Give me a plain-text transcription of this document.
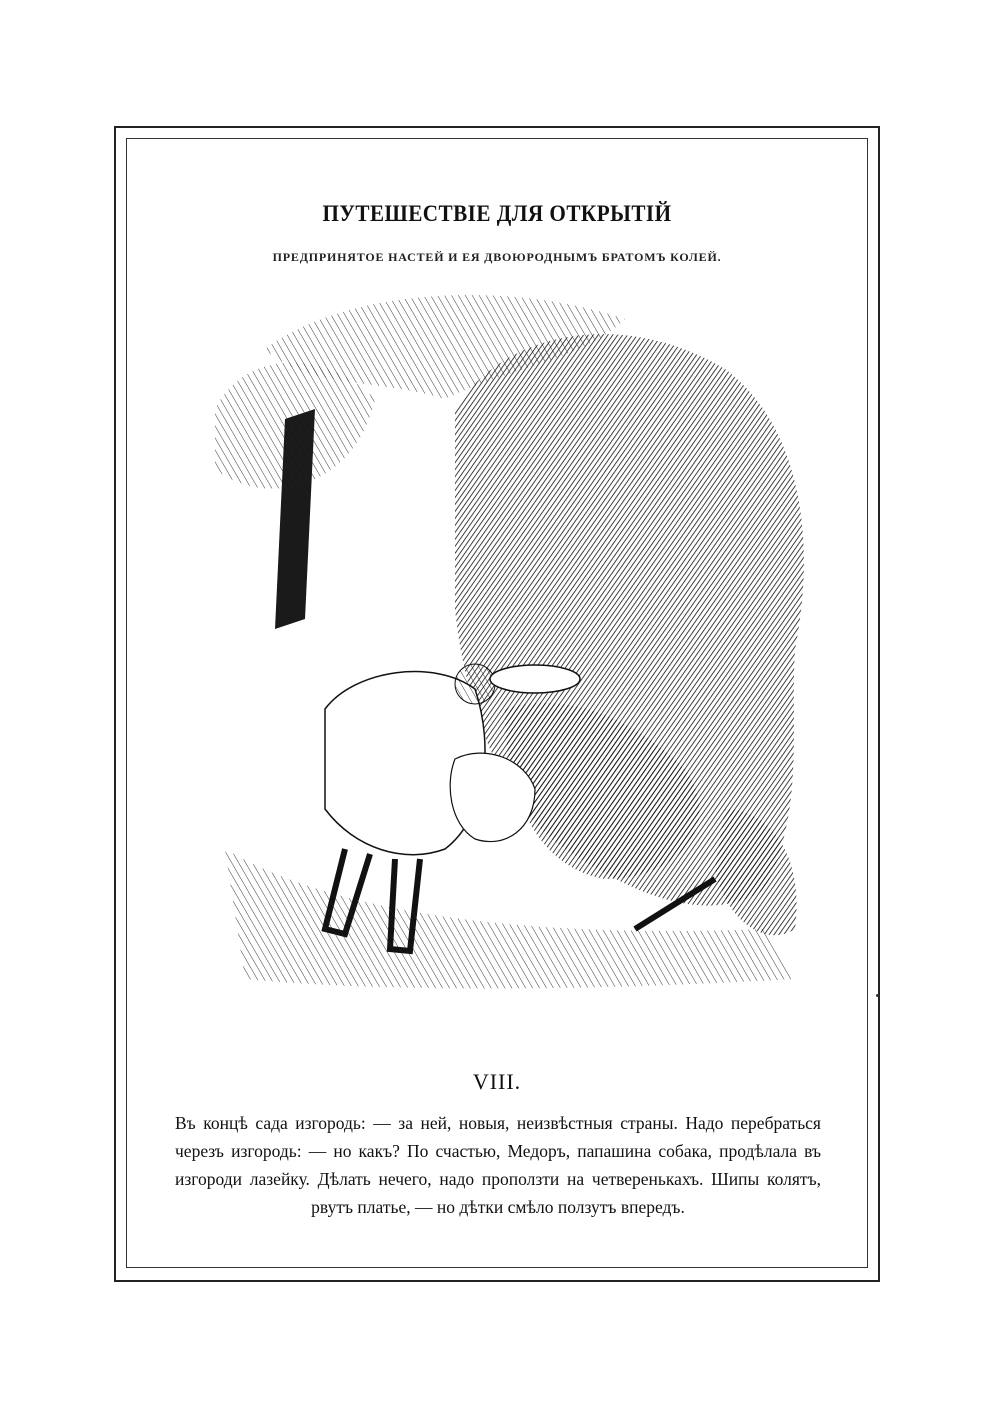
ПУТЕШЕСТВІЕ ДЛЯ ОТКРЫТІЙ
ПРЕДПРИНЯТОЕ НАСТЕЙ И ЕЯ ДВОЮРОДНЫМЪ БРАТОМЪ КОЛЕЙ.
VIII.
Въ концѣ сада изгородь: — за ней, новыя, неизвѣстныя страны. Надо перебраться черезъ изгородь: — но какъ? По счастью, Медоръ, папашина собака, продѣлала въ изгороди лазейку. Дѣлать нечего, надо проползти на четверенькахъ. Шипы колятъ, рвутъ платье, — но дѣтки смѣло ползутъ впередъ.
